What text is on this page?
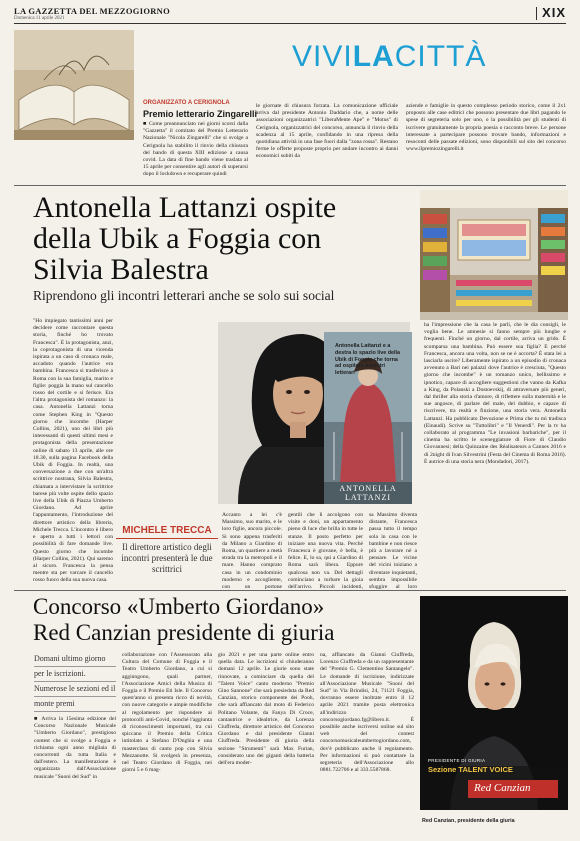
LA GAZZETTA DEL MEZZOGIORNO
Domenica 11 aprile 2021	XIX
VIVILACITTÀ
ORGANIZZATO A CERIGNOLA
Premio letterario Zingarelli
■ Come preannunciato nei giorni scorsi dalla "Gazzetta" il comitato del Premio Letterario Nazionale "Nicola Zingarelli" che si svolge a Cerignola ha stabilito il rinvio della chiusura del bando di questa XIII edizione a causa covid. La data di fine bando viene traslata al 15 aprile per consentire agli autori di superarsi dopo il lockdown e recuperare quindi
le giornate di chiusura forzata. La comunicazione ufficiale arriva dal presidente Antonio Daddario che, a nome delle associazioni organizzatrici "LiberaMente Ape" e "Motus" di Cerignola, organizzatrici del concorso, annuncia il rinvio della scadenza al 15 aprile, confidando in una ripresa della quotidiana attività in una fase fuori dalla "zona rossa". Restano ferme le offerte proposte proprio per andare incontro ai danni economici subiti da
aziende e famiglie in questo complesso periodo storico, come il 2x1 proposto alle case editrici che possono presentare due libri pagando le spese di segreteria solo per uno, o la possibilità per gli studenti di iscrivere gratuitamente la propria poesia o racconto breve. Le persone interessate a partecipare possono trovare bando, informazioni e resoconti delle passate edizioni, sono disponibili sul sito del concorso www.ilpremiozingarelli.it
Antonella Lattanzi ospite della Ubik a Foggia con Silvia Balestra
Riprendono gli incontri letterari anche se solo sui social
ANTONELLA
LATTANZI
Antonella Lattanzi e a destra lo spazio live della Ubik di Foggia che torna ad ospitare incontri letterari
"Ho impiegato tantissimi anni per decidere come raccontare questa storia, finché ho trovato Francesca". È la protagonista, anzi, la coprotagonista di una vicenda ispirata a un caso di cronaca reale, accaduto quando l'autrice era bambina. Francesca si trasferisce a Roma con la sua famiglia, marito e figlie: poggia la mano sul cancello rosso del cortile e si ferisce. Era l'altra protagonista del romanzo: la casa. Antonella Lattanzi torna come Stephen King in "Questo giorno che incombe (Harper Collins, 2021), uno dei libri più interessanti di questi ultimi mesi e protagonista della presentazione online di sabato 13 aprile, alle ore 18.30, sulla pagina Facebook della Ubik di Foggia. In realtà, una conversazione a due con un'altra scrittrice nostrana, Silvia Balestra, chiamata a intervistare la scrittrice barese più volte ospite dello spazio live della Ubik di Piazza Umberto Giordano. Ad aprire l'appuntamento, l'introduzione del direttore artistico della libreria, Michele Trecca. L'incontro è libero e aperto a tutti i lettori con possibilità di fare domande live. Questo giorno che incombe (Harper Collins, 2021). Qui saremo al sicuro. Francesca la pensa mentre sta per varcare il cancello rosso fuoco della sua nuova casa.
MICHELE TRECCA
Il direttore artistico degli incontri presenterà le due scrittrici
Accanto a lei c'è Massimo, suo marito, e le loro figlie, ancora piccole. Si sono appena trasferiti da Milano a Giardino di Roma, un quartiere a metà strada tra la metropoli e il mare. Hanno comprato casa in un condominio moderno e accogliente, con un portone
gentili che li accolgono con visite e doni, un appartamento pieno di luce che brilla in tutte le stanze. Il posto perfetto per iniziare una nuova vita. Perché Francesca è giovane, è bella, è felice. E, lo sa, qui a Giardino di Roma sarà libera. Eppure qualcosa non va. Del dettagli cominciano a turbare la gioia dell'arrivo. Piccoli incidenti,
sa Massimo diventa distante, Francesca passa tutto il tempo sola in casa con le bambine e non riesce più a lavorare né a pensare. Le vicine del vicini iniziano a diventare inquietanti, sembra impossibile sfuggire al loro
ha l'impressione che la casa le parli, che le dia consigli, le voglia bene. Le amnesie si fanno sempre più lunghe e frequenti. Finché un giorno, dal cortile, arriva un grido. È scomparsa una bambina. Può essere sua figlia? E perché Francesca, ancora una volta, non se ne è accorta? È stata lei a lasciarla uscire? Liberamente ispirato a un episodio di cronaca avvenuto a Bari nei palazzi dove l'autrice è cresciuta, "Questo giorno che incombe" è un romanzo unico, bellissimo e ipnotico, capace di accogliere suggestioni che vanno da Kafka a King, da Polanski a Dostoevskij, di attraversare più generi, dal thriller alla storia d'amore, di riflettere sulla maternità e le sue angosce, di parlare del male, del dubbio, e capace di riscrivere, tra realtà e finzione, una storia vera. Antonella Lattanzi. Ha pubblicato Devozione e Prima che tu mi tradisca (Einaudi). Scrive su "Tuttolibri" e "Il Venerdì". Per la tv ha collaborato al programma "Le invasioni barbariche", per il cinema ha scritto le sceneggiature di Fiore di Claudio Giovannesi; della Quinzaine des Réalisateurs a Cannes 2016 e di 2night di Ivan Silvestrini (Festa del Cinema di Roma 2016). È autrice di una storia nera (Mondadori, 2017).
Concorso «Umberto Giordano»
Red Canzian presidente di giuria
Domani ultimo giorno
per le iscrizioni.
Numerose le sezioni ed il
monte premi
■ Arriva la 15esima edizione del Concorso Nazionale Musicale "Umberto Giordano", prestigioso contest che si svolge a Foggia e richiama ogni anno migliaia di concorrenti da tutta Italia e dall'estero. La manifestazione è organizzata dall'Associazione musicale "Suoni del Sud" in
collaborazione con l'Assessorato alla Cultura del Comune di Foggia e il Teatro Umberto Giordano, a cui si aggiungono, quali partner, l'Associazione Amici della Musica di Foggia e il Premio Eti Isle. Il Concorso quest'anno si presenta ricco di novità, con nuove categorie e ampie modifiche al regolamento per rispondere ai protocolli anti-Covid, nonché l'aggiunta di riconoscimenti importanti, tra cui spiccano il Premio della Critica intitolato a Stefano D'Onghia e una masterclass di canto pop con Silvia Mezzanotte. Si svolgerà in presenza, nel Teatro Giordano di Foggia, nei giorni 5 e 6 mag-
gio 2021 e per una parte online entro quella data. Le iscrizioni si chiuderanno domani 12 aprile. Le giurie sono state rinnovate, a cominciare da quella del "Talent Voice" canto moderno "Premio Gino Sannone" che sarà presieduta da Red Canzian, storico componente dei Pooh, che sarà affiancato dal moto di Federico Politano Volante, da Fanya Di Croce, cantautrice e idealtrice, da Lorenza Ciuffreda, direttore artistico del Concorso Giordano e dal presidente Gianni Ciuffreda. Presidente di giuria della sezione "Strumenti" sarà Max Furian, considerato uno dei giganti della batteria dell'era moder-
na, affiancato da Gianni Ciuffreda, Lorenzo Ciuffreda e da un rappresentante del "Premio G. Clementino Santangelo". Le domande di iscrizione, indirizzate all'Associazione Musicale "Suoni del Sud" in Via Brindisi, 24, 71121 Foggia, dovranno essere inoltrate entro il 12 aprile 2021 tramite posta elettronica all'indirizzo concorsogiordano.fg@libero.it. È possibile anche iscriversi online sul sito web del contest concorsomusicaleumbertogiordano.com, dov'è pubblicato anche il regolamento. Per informazioni si può contattare la segreteria dell'Associazione allo 0881.722706 e al 333.5587868.
PRESIDENTE DI GIURIA
Sezione TALENT VOICE
Red Canzian
Red Canzian, presidente della giuria
